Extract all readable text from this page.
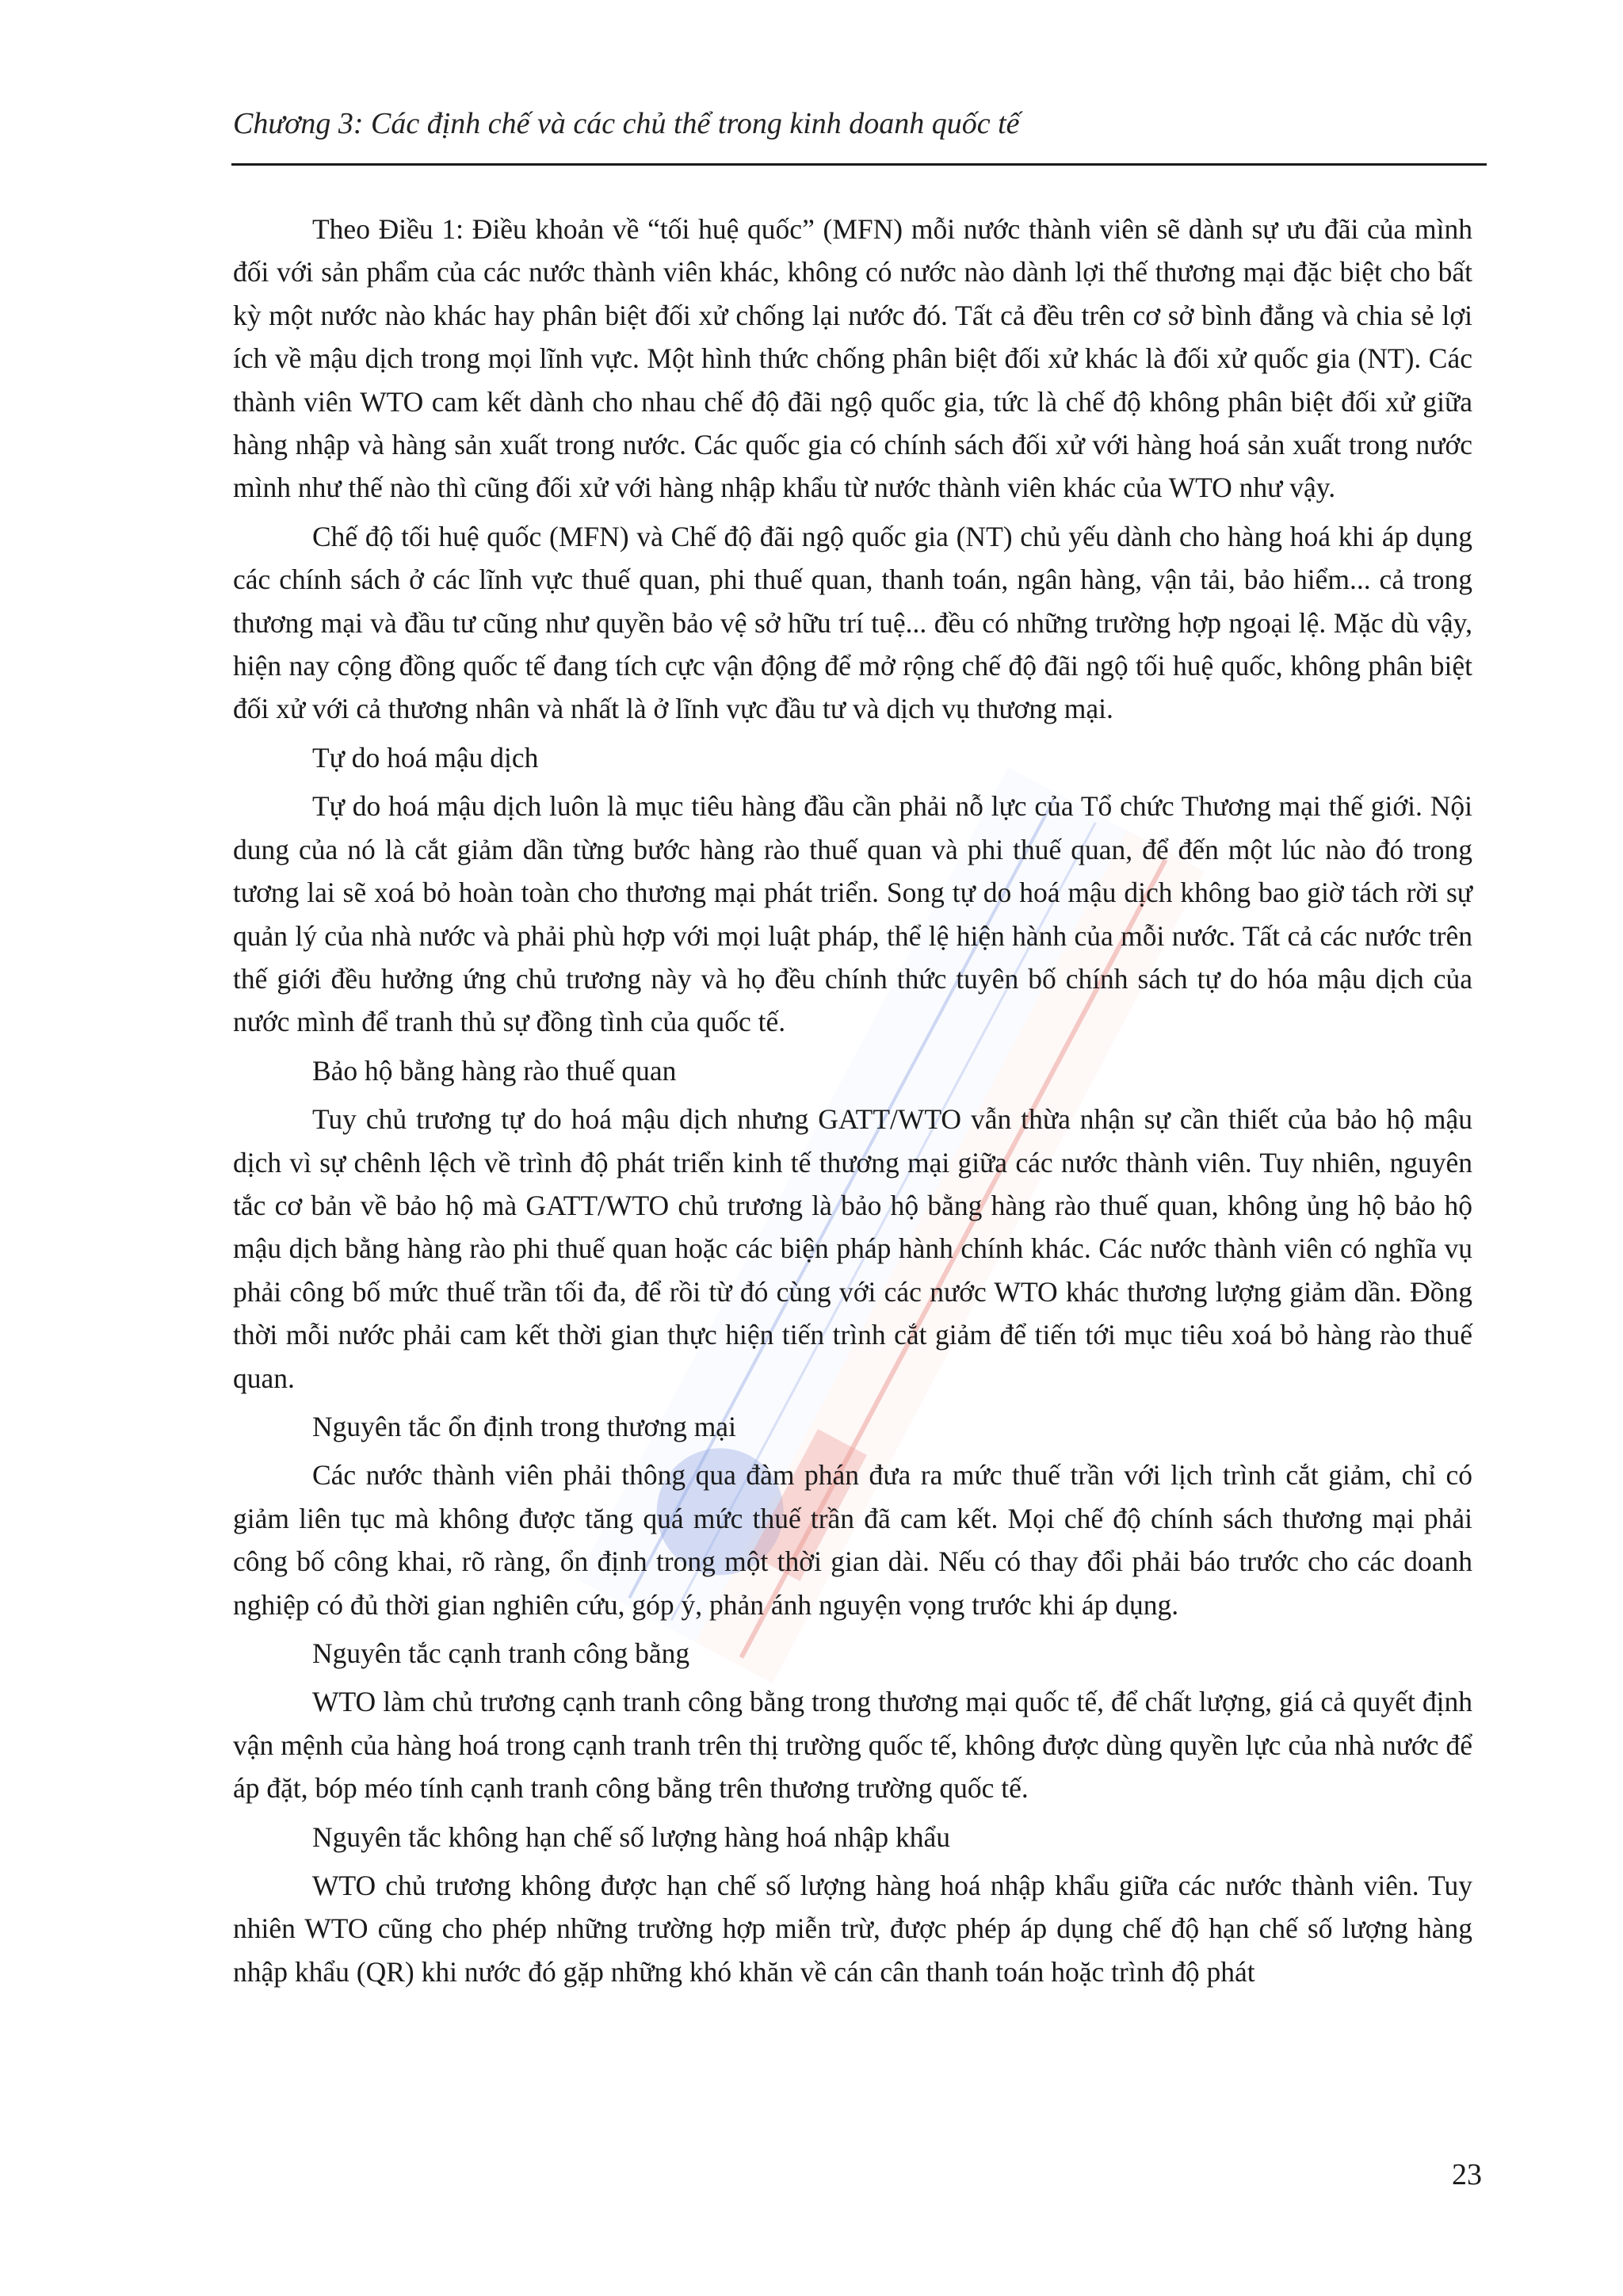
Chương 3: Các định chế và các chủ thể trong kinh doanh quốc tế

Theo Điều 1: Điều khoản về “tối huệ quốc” (MFN) mỗi nước thành viên sẽ dành sự ưu đãi của mình đối với sản phẩm của các nước thành viên khác, không có nước nào dành lợi thế thương mại đặc biệt cho bất kỳ một nước nào khác hay phân biệt đối xử chống lại nước đó. Tất cả đều trên cơ sở bình đẳng và chia sẻ lợi ích về mậu dịch trong mọi lĩnh vực. Một hình thức chống phân biệt đối xử khác là đối xử quốc gia (NT). Các thành viên WTO cam kết dành cho nhau chế độ đãi ngộ quốc gia, tức là chế độ không phân biệt đối xử giữa hàng nhập và hàng sản xuất trong nước. Các quốc gia có chính sách đối xử với hàng hoá sản xuất trong nước mình như thế nào thì cũng đối xử với hàng nhập khẩu từ nước thành viên khác của WTO như vậy.

Chế độ tối huệ quốc (MFN) và Chế độ đãi ngộ quốc gia (NT) chủ yếu dành cho hàng hoá khi áp dụng các chính sách ở các lĩnh vực thuế quan, phi thuế quan, thanh toán, ngân hàng, vận tải, bảo hiểm... cả trong thương mại và đầu tư cũng như quyền bảo vệ sở hữu trí tuệ... đều có những trường hợp ngoại lệ. Mặc dù vậy, hiện nay cộng đồng quốc tế đang tích cực vận động để mở rộng chế độ đãi ngộ tối huệ quốc, không phân biệt đối xử với cả thương nhân và nhất là ở lĩnh vực đầu tư và dịch vụ thương mại.

Tự do hoá mậu dịch

Tự do hoá mậu dịch luôn là mục tiêu hàng đầu cần phải nỗ lực của Tổ chức Thương mại thế giới. Nội dung của nó là cắt giảm dần từng bước hàng rào thuế quan và phi thuế quan, để đến một lúc nào đó trong tương lai sẽ xoá bỏ hoàn toàn cho thương mại phát triển. Song tự do hoá mậu dịch không bao giờ tách rời sự quản lý của nhà nước và phải phù hợp với mọi luật pháp, thể lệ hiện hành của mỗi nước. Tất cả các nước trên thế giới đều hưởng ứng chủ trương này và họ đều chính thức tuyên bố chính sách tự do hóa mậu dịch của nước mình để tranh thủ sự đồng tình của quốc tế.

Bảo hộ bằng hàng rào thuế quan

Tuy chủ trương tự do hoá mậu dịch nhưng GATT/WTO vẫn thừa nhận sự cần thiết của bảo hộ mậu dịch vì sự chênh lệch về trình độ phát triển kinh tế thương mại giữa các nước thành viên. Tuy nhiên, nguyên tắc cơ bản về bảo hộ mà GATT/WTO chủ trương là bảo hộ bằng hàng rào thuế quan, không ủng hộ bảo hộ mậu dịch bằng hàng rào phi thuế quan hoặc các biện pháp hành chính khác. Các nước thành viên có nghĩa vụ phải công bố mức thuế trần tối đa, để rồi từ đó cùng với các nước WTO khác thương lượng giảm dần. Đồng thời mỗi nước phải cam kết thời gian thực hiện tiến trình cắt giảm để tiến tới mục tiêu xoá bỏ hàng rào thuế quan.

Nguyên tắc ổn định trong thương mại

Các nước thành viên phải thông qua đàm phán đưa ra mức thuế trần với lịch trình cắt giảm, chỉ có giảm liên tục mà không được tăng quá mức thuế trần đã cam kết. Mọi chế độ chính sách thương mại phải công bố công khai, rõ ràng, ổn định trong một thời gian dài. Nếu có thay đổi phải báo trước cho các doanh nghiệp có đủ thời gian nghiên cứu, góp ý, phản ánh nguyện vọng trước khi áp dụng.

Nguyên tắc cạnh tranh công bằng

WTO làm chủ trương cạnh tranh công bằng trong thương mại quốc tế, để chất lượng, giá cả quyết định vận mệnh của hàng hoá trong cạnh tranh trên thị trường quốc tế, không được dùng quyền lực của nhà nước để áp đặt, bóp méo tính cạnh tranh công bằng trên thương trường quốc tế.

Nguyên tắc không hạn chế số lượng hàng hoá nhập khẩu

WTO chủ trương không được hạn chế số lượng hàng hoá nhập khẩu giữa các nước thành viên. Tuy nhiên WTO cũng cho phép những trường hợp miễn trừ, được phép áp dụng chế độ hạn chế số lượng hàng nhập khẩu (QR) khi nước đó gặp những khó khăn về cán cân thanh toán hoặc trình độ phát

23
